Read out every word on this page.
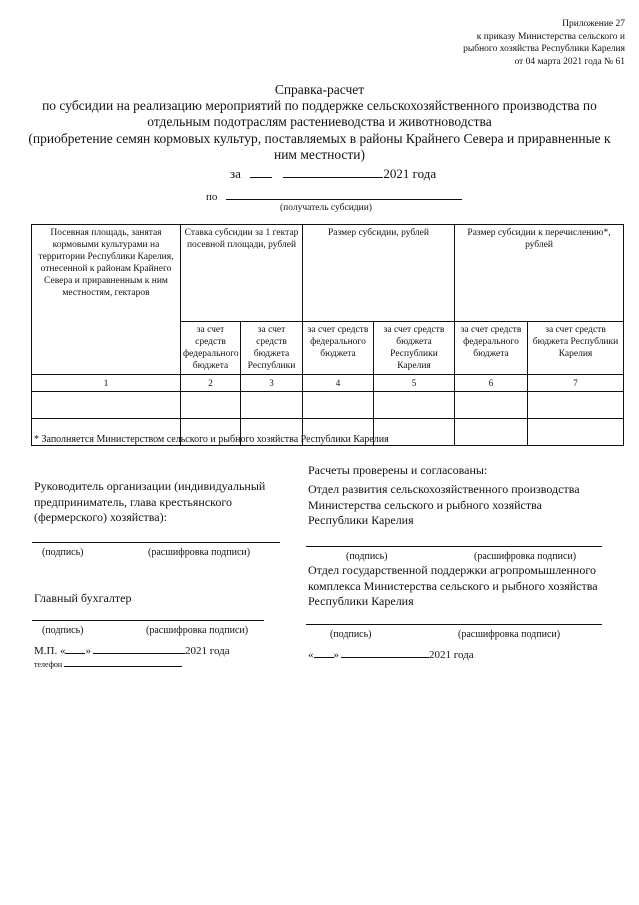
Приложение 27
к приказу Министерства сельского и
рыбного хозяйства Республики Карелия
от 04 марта 2021 года № 61
Справка-расчет
по субсидии на реализацию мероприятий по поддержке сельскохозяйственного производства по
отдельным подотраслям растениеводства и животноводства
(приобретение семян кормовых культур, поставляемых в районы Крайнего Севера и приравненные к
ним местности)
за	2021 года
по
(получатель субсидии)
Посевная площадь, занятая кормовыми культурами на территории Республики Карелия, отнесенной к районам Крайнего Севера и приравненным к ним местностям, гектаров	Ставка субсидии за 1 гектар посевной площади, рублей		Размер субсидии, рублей		Размер субсидии к перечислению*, рублей	
	за счет средств федерального бюджета	за счет средств бюджета Республики	за счет средств федерального бюджета	за счет средств бюджета Республики Карелия	за счет средств федерального бюджета	за счет средств бюджета Республики Карелия
1	2	3	4	5	6	7

* Заполняется Министерством сельского и рыбного хозяйства Республики Карелия
Расчеты проверены и согласованы:
Отдел развития сельскохозяйственного производства
Министерства сельского и рыбного хозяйства
Республики Карелия
(подпись)	(расшифровка подписи)
Отдел государственной поддержки агропромышленного
комплекса Министерства сельского и рыбного хозяйства
Республики Карелия
(подпись)	(расшифровка подписи)
« »	2021 года
Руководитель организации (индивидуальный
предприниматель, глава крестьянского
(фермерского) хозяйства):
(подпись)	(расшифровка подписи)
Главный бухгалтер
(подпись)	(расшифровка подписи)
М.П. « »	2021 года
телефон
